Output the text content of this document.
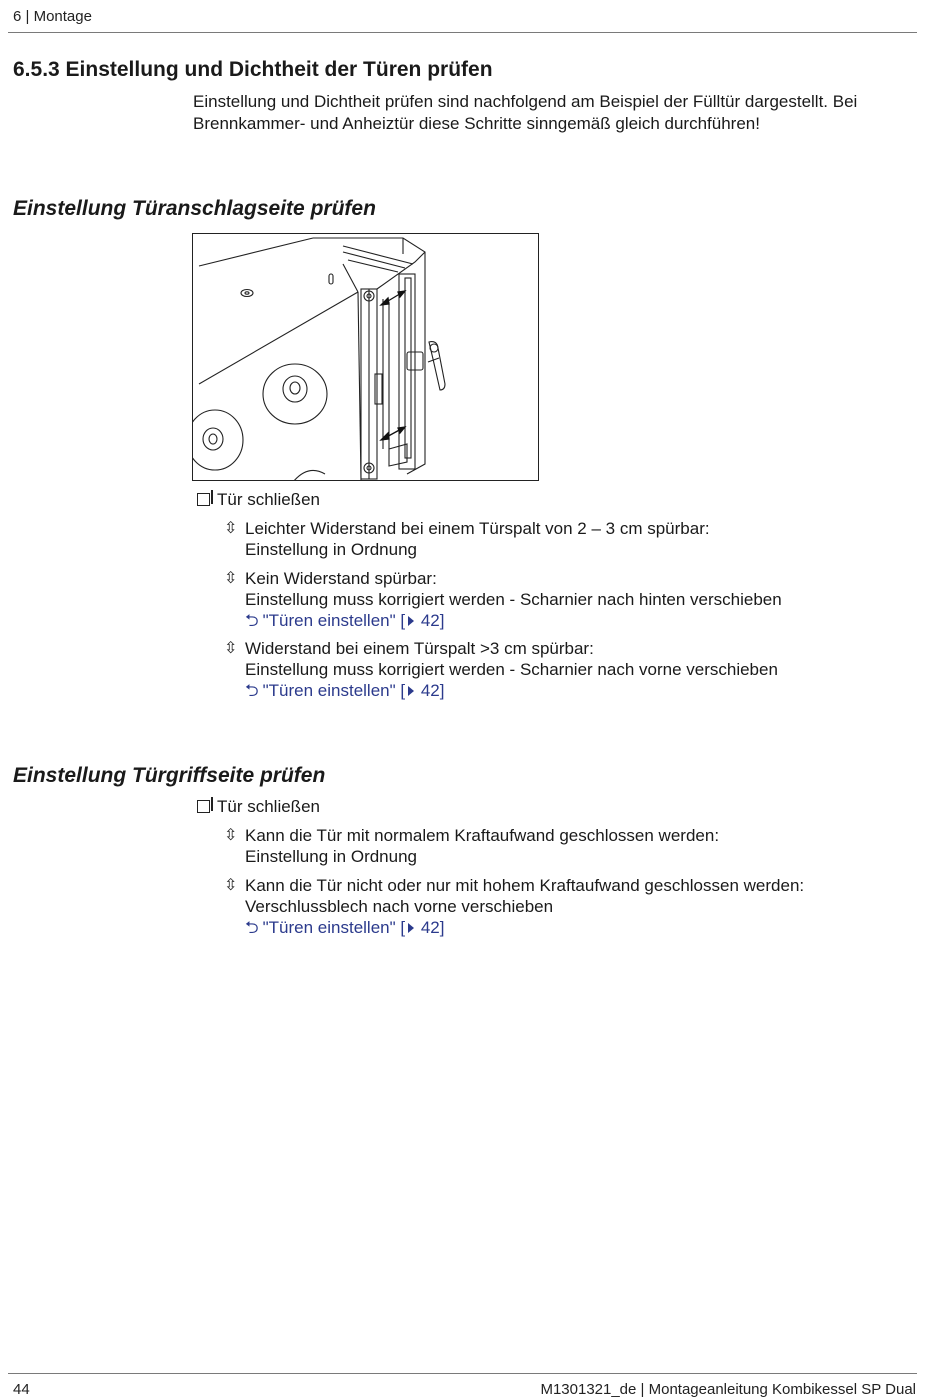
6 | Montage
6.5.3 Einstellung und Dichtheit der Türen prüfen
Einstellung und Dichtheit prüfen sind nachfolgend am Beispiel der Fülltür dargestellt. Bei
Brennkammer- und Anheiztür diese Schritte sinngemäß gleich durchführen!
Einstellung Türanschlagseite prüfen
Tür schließen
⇳ Leichter Widerstand bei einem Türspalt von 2 – 3 cm spürbar:
Einstellung in Ordnung
⇳ Kein Widerstand spürbar:
Einstellung muss korrigiert werden - Scharnier nach hinten verschieben
⮌ "Türen einstellen" [ 42]
⇳ Widerstand bei einem Türspalt >3 cm spürbar:
Einstellung muss korrigiert werden - Scharnier nach vorne verschieben
⮌ "Türen einstellen" [ 42]
Einstellung Türgriffseite prüfen
Tür schließen
⇳ Kann die Tür mit normalem Kraftaufwand geschlossen werden:
Einstellung in Ordnung
⇳ Kann die Tür nicht oder nur mit hohem Kraftaufwand geschlossen werden:
Verschlussblech nach vorne verschieben
⮌ "Türen einstellen" [ 42]
44	M1301321_de | Montageanleitung Kombikessel SP Dual
